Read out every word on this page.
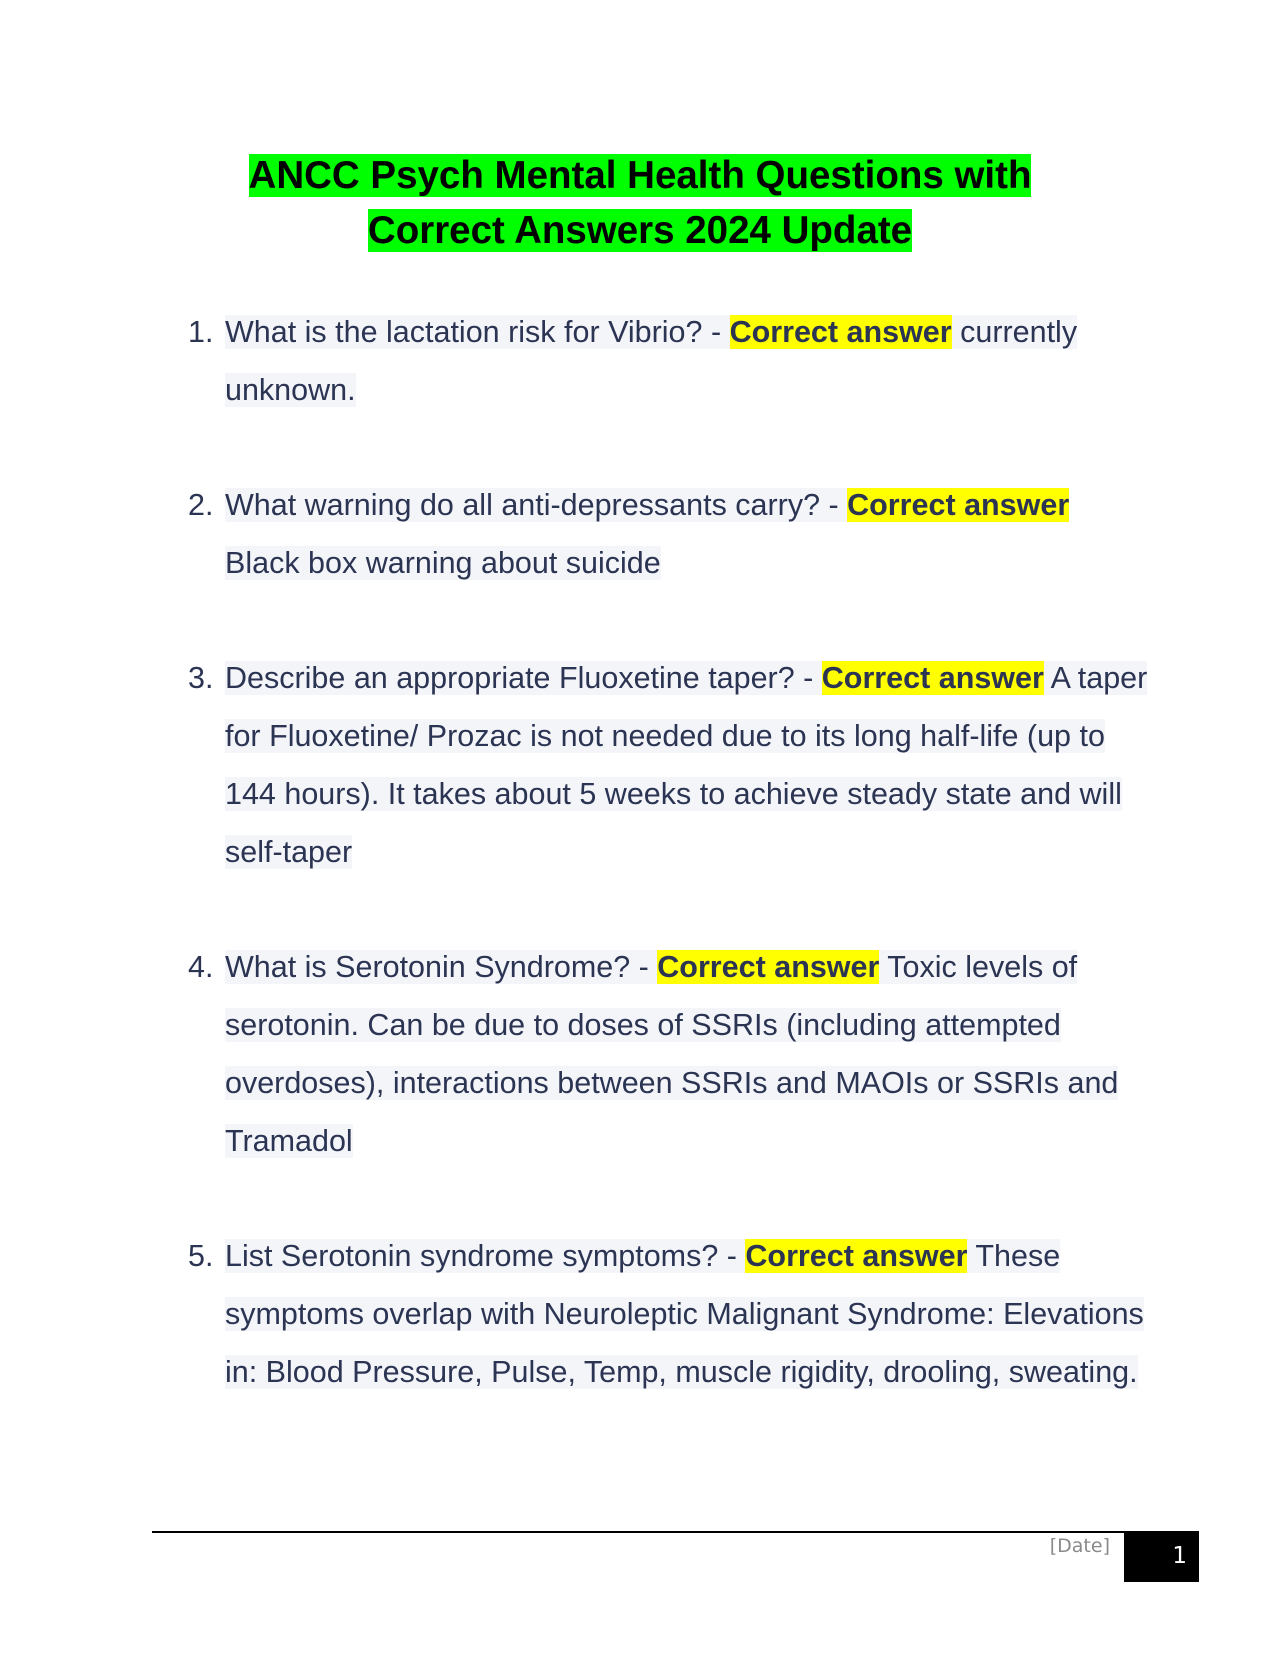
ANCC Psych Mental Health Questions with
Correct Answers 2024 Update
1. What is the lactation risk for Vibrio? - Correct answer currently unknown.
2. What warning do all anti-depressants carry? - Correct answer Black box warning about suicide
3. Describe an appropriate Fluoxetine taper? - Correct answer A taper for Fluoxetine/ Prozac is not needed due to its long half-life (up to 144 hours). It takes about 5 weeks to achieve steady state and will self-taper
4. What is Serotonin Syndrome? - Correct answer Toxic levels of serotonin. Can be due to doses of SSRIs (including attempted overdoses), interactions between SSRIs and MAOIs or SSRIs and Tramadol
5. List Serotonin syndrome symptoms? - Correct answer These symptoms overlap with Neuroleptic Malignant Syndrome: Elevations in: Blood Pressure, Pulse, Temp, muscle rigidity, drooling, sweating.
[Date]	1
